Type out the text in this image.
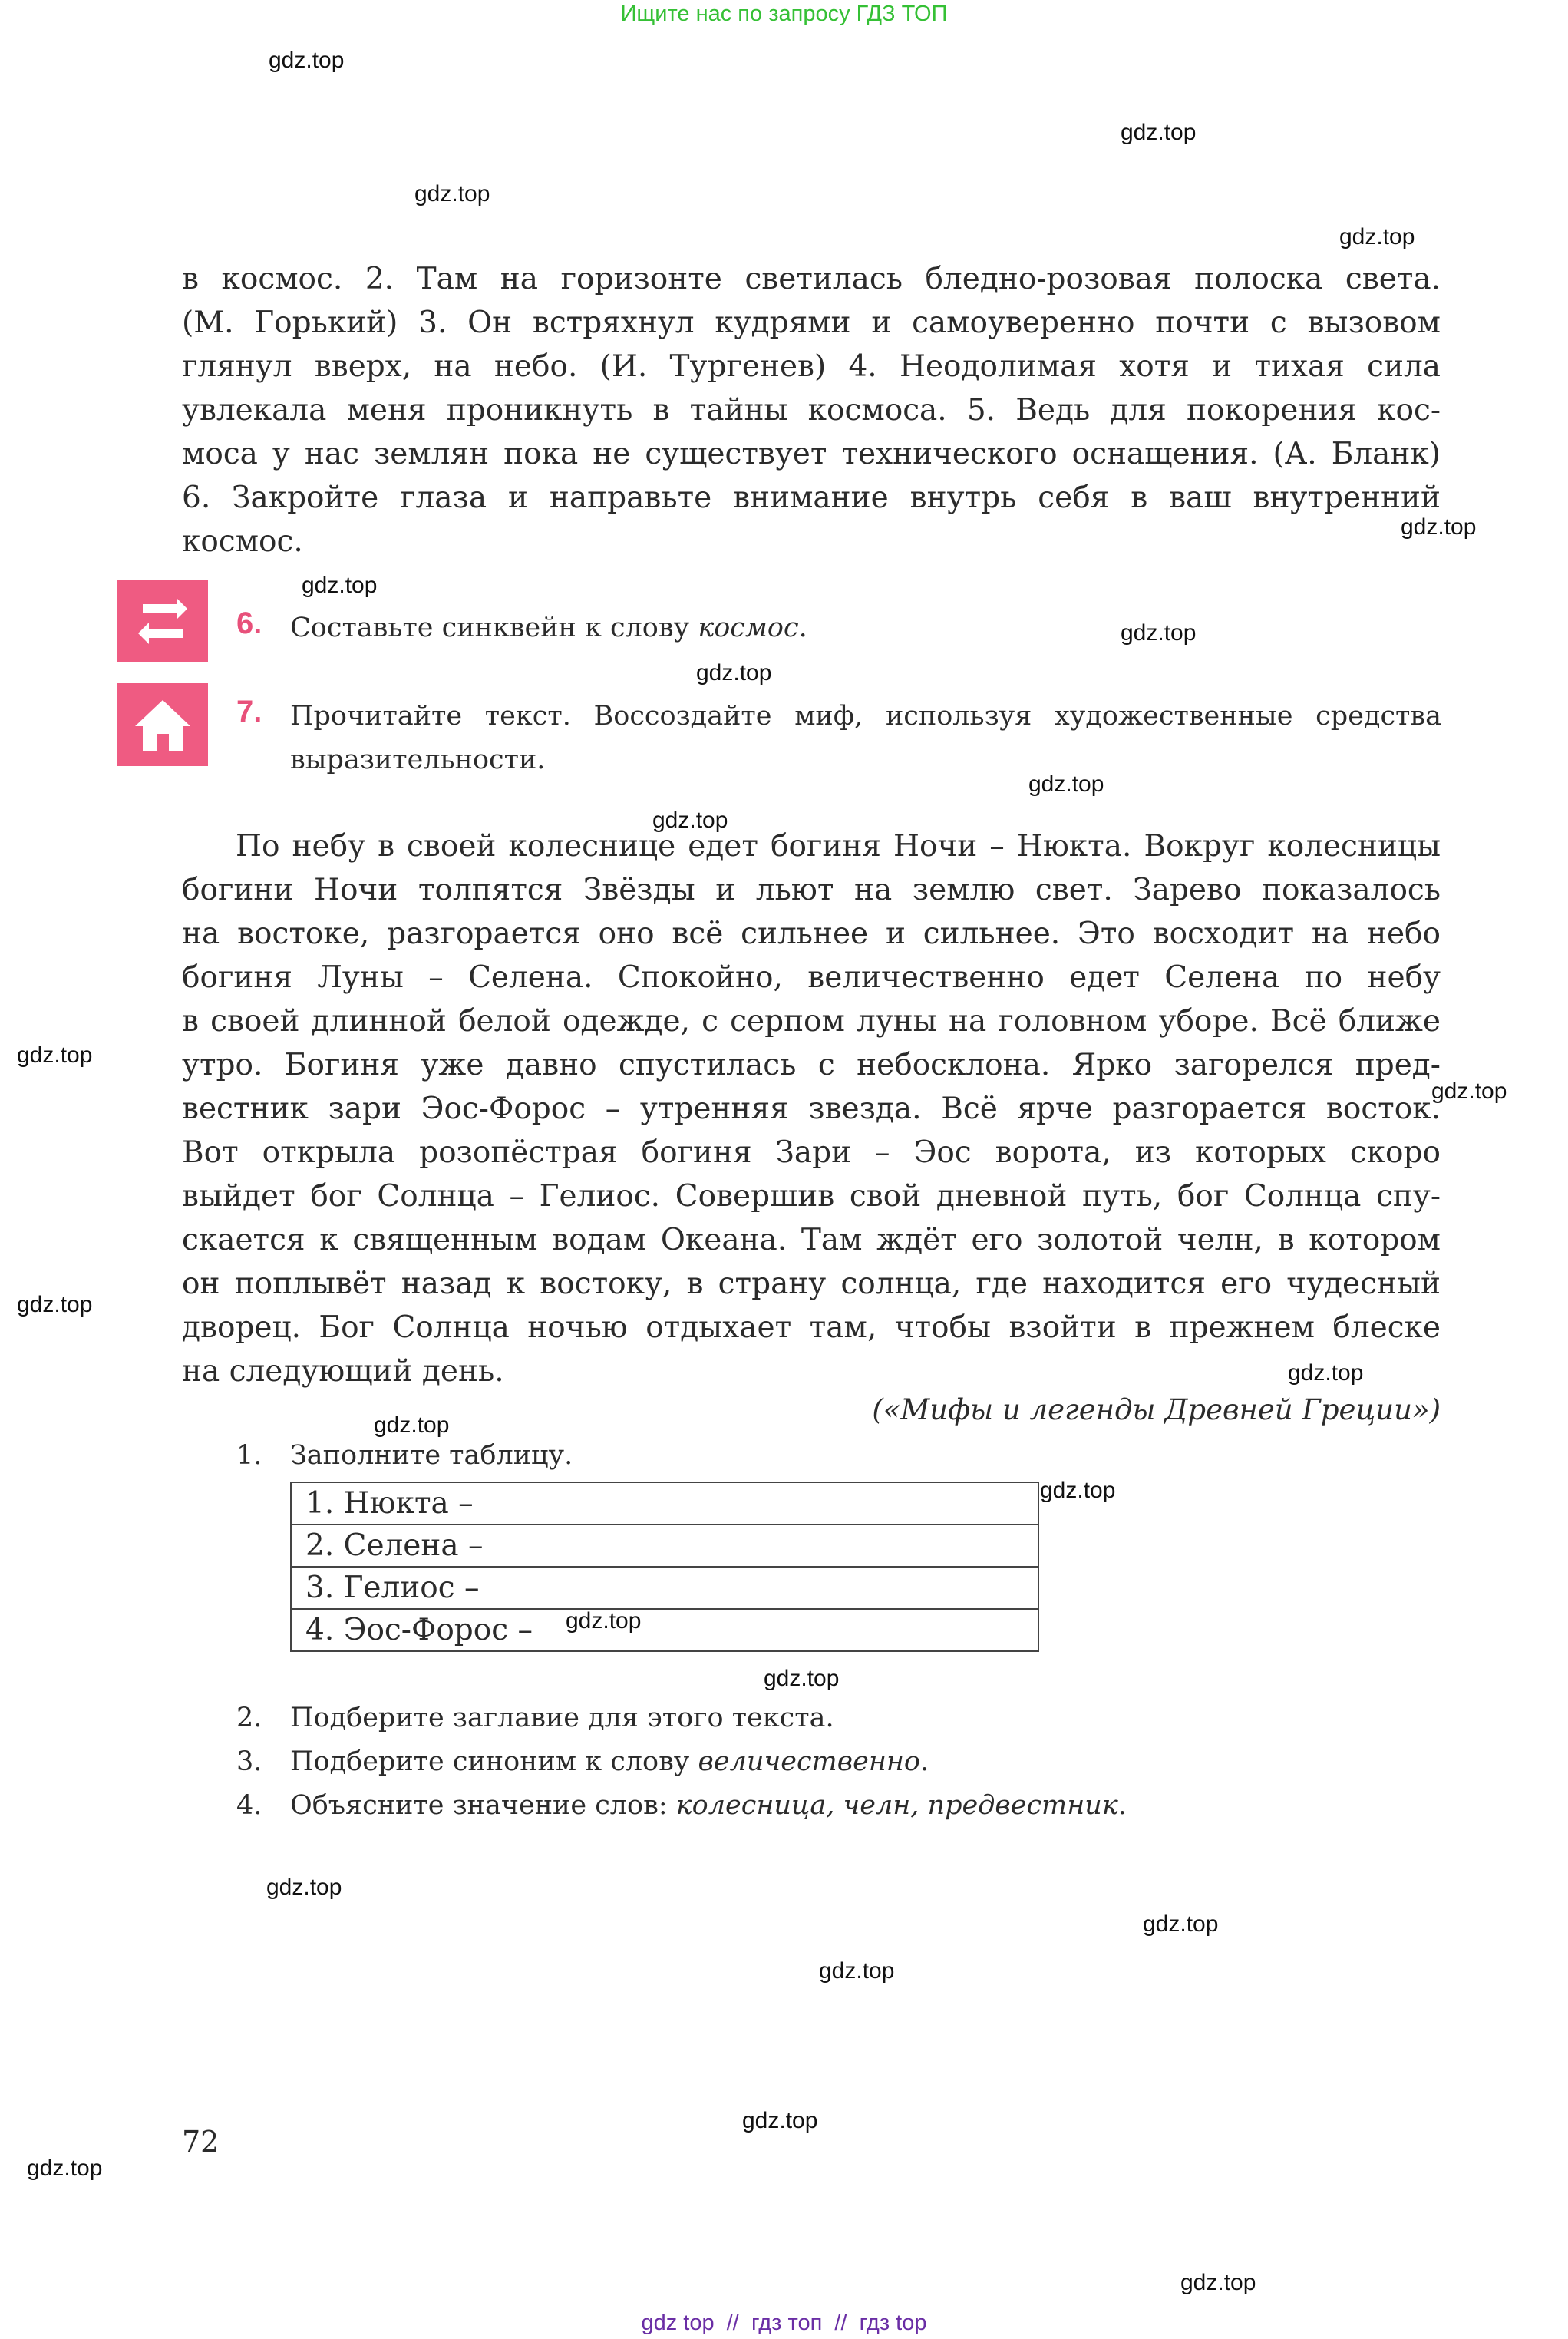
Ищите нас по запросу ГДЗ ТОП
gdz.top
gdz.top
gdz.top
gdz.top
gdz.top
gdz.top
gdz.top
gdz.top
gdz.top
gdz.top
gdz.top
gdz.top
gdz.top
gdz.top
gdz.top
gdz.top
gdz.top
gdz.top
gdz.top
gdz.top
gdz.top
gdz.top
gdz.top
gdz.top
в космос. 2. Там на горизонте светилась бледно-розовая полоска света.
(М. Горький) 3. Он встряхнул кудрями и самоуверенно почти с вызовом
глянул вверх, на небо. (И. Тургенев) 4. Неодолимая хотя и тихая сила
увлекала меня проникнуть в тайны космоса. 5. Ведь для покорения кос-
моса у нас землян пока не существует технического оснащения. (А. Бланк)
6. Закройте глаза и направьте внимание внутрь себя в ваш внутренний
космос.
6. Составьте синквейн к слову космос.
7. Прочитайте текст. Воссоздайте миф, используя художественные средства
выразительности.
По небу в своей колеснице едет богиня Ночи – Нюкта. Вокруг колесницы
богини Ночи толпятся Звёзды и льют на землю свет. Зарево показалось
на востоке, разгорается оно всё сильнее и сильнее. Это восходит на небо
богиня Луны – Селена. Спокойно, величественно едет Селена по небу
в своей длинной белой одежде, с серпом луны на головном уборе. Всё ближе
утро. Богиня уже давно спустилась с небосклона. Ярко загорелся пред-
вестник зари Эос-Форос – утренняя звезда. Всё ярче разгорается восток.
Вот открыла розопёстрая богиня Зари – Эос ворота, из которых скоро
выйдет бог Солнца – Гелиос. Совершив свой дневной путь, бог Солнца спу-
скается к священным водам Океана. Там ждёт его золотой челн, в котором
он поплывёт назад к востоку, в страну солнца, где находится его чудесный
дворец. Бог Солнца ночью отдыхает там, чтобы взойти в прежнем блеске
на следующий день.
(«Мифы и легенды Древней Греции»)
1. Заполните таблицу.
1. Нюкта –
2. Селена –
3. Гелиос –
4. Эос-Форос –
2. Подберите заглавие для этого текста.
3. Подберите синоним к слову величественно.
4. Объясните значение слов: колесница, челн, предвестник.
72
gdz top  //  гдз топ  //  гдз top
